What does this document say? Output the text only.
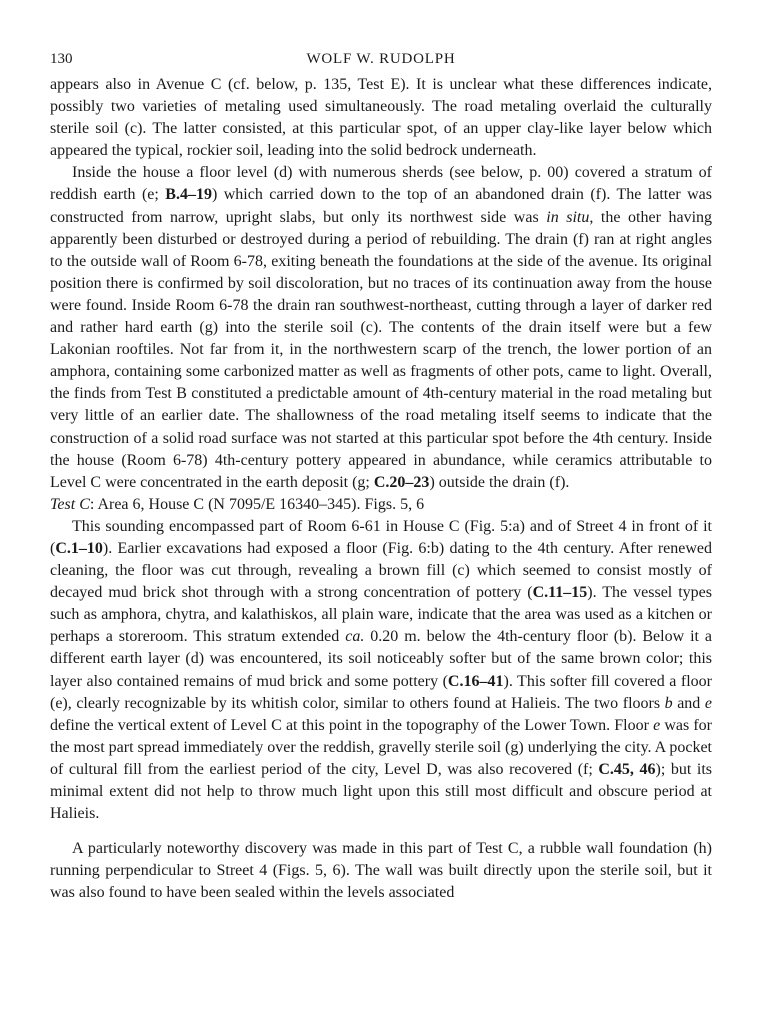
130	WOLF W. RUDOLPH

appears also in Avenue C (cf. below, p. 135, Test E). It is unclear what these differences indicate, possibly two varieties of metaling used simultaneously. The road metaling overlaid the culturally sterile soil (c). The latter consisted, at this particular spot, of an upper clay-like layer below which appeared the typical, rockier soil, leading into the solid bedrock underneath.

Inside the house a floor level (d) with numerous sherds (see below, p. 00) covered a stratum of reddish earth (e; B.4–19) which carried down to the top of an abandoned drain (f). The latter was constructed from narrow, upright slabs, but only its northwest side was in situ, the other having apparently been disturbed or destroyed during a period of rebuilding. The drain (f) ran at right angles to the outside wall of Room 6-78, exiting beneath the foundations at the side of the avenue. Its original position there is confirmed by soil discoloration, but no traces of its continuation away from the house were found. Inside Room 6-78 the drain ran southwest-northeast, cutting through a layer of darker red and rather hard earth (g) into the sterile soil (c). The contents of the drain itself were but a few Lakonian rooftiles. Not far from it, in the northwestern scarp of the trench, the lower portion of an amphora, containing some carbonized matter as well as fragments of other pots, came to light. Overall, the finds from Test B constituted a predictable amount of 4th-century material in the road metaling but very little of an earlier date. The shallowness of the road metaling itself seems to indicate that the construction of a solid road surface was not started at this particular spot before the 4th century. Inside the house (Room 6-78) 4th-century pottery appeared in abundance, while ceramics attributable to Level C were concentrated in the earth deposit (g; C.20–23) outside the drain (f).

Test C: Area 6, House C (N 7095/E 16340–345). Figs. 5, 6

This sounding encompassed part of Room 6-61 in House C (Fig. 5:a) and of Street 4 in front of it (C.1–10). Earlier excavations had exposed a floor (Fig. 6:b) dating to the 4th century. After renewed cleaning, the floor was cut through, revealing a brown fill (c) which seemed to consist mostly of decayed mud brick shot through with a strong concentration of pottery (C.11–15). The vessel types such as amphora, chytra, and kalathiskos, all plain ware, indicate that the area was used as a kitchen or perhaps a storeroom. This stratum extended ca. 0.20 m. below the 4th-century floor (b). Below it a different earth layer (d) was encountered, its soil noticeably softer but of the same brown color; this layer also contained remains of mud brick and some pottery (C.16–41). This softer fill covered a floor (e), clearly recognizable by its whitish color, similar to others found at Halieis. The two floors b and e define the vertical extent of Level C at this point in the topography of the Lower Town. Floor e was for the most part spread immediately over the reddish, gravelly sterile soil (g) underlying the city. A pocket of cultural fill from the earliest period of the city, Level D, was also recovered (f; C.45, 46); but its minimal extent did not help to throw much light upon this still most difficult and obscure period at Halieis.

A particularly noteworthy discovery was made in this part of Test C, a rubble wall foundation (h) running perpendicular to Street 4 (Figs. 5, 6). The wall was built directly upon the sterile soil, but it was also found to have been sealed within the levels associated
